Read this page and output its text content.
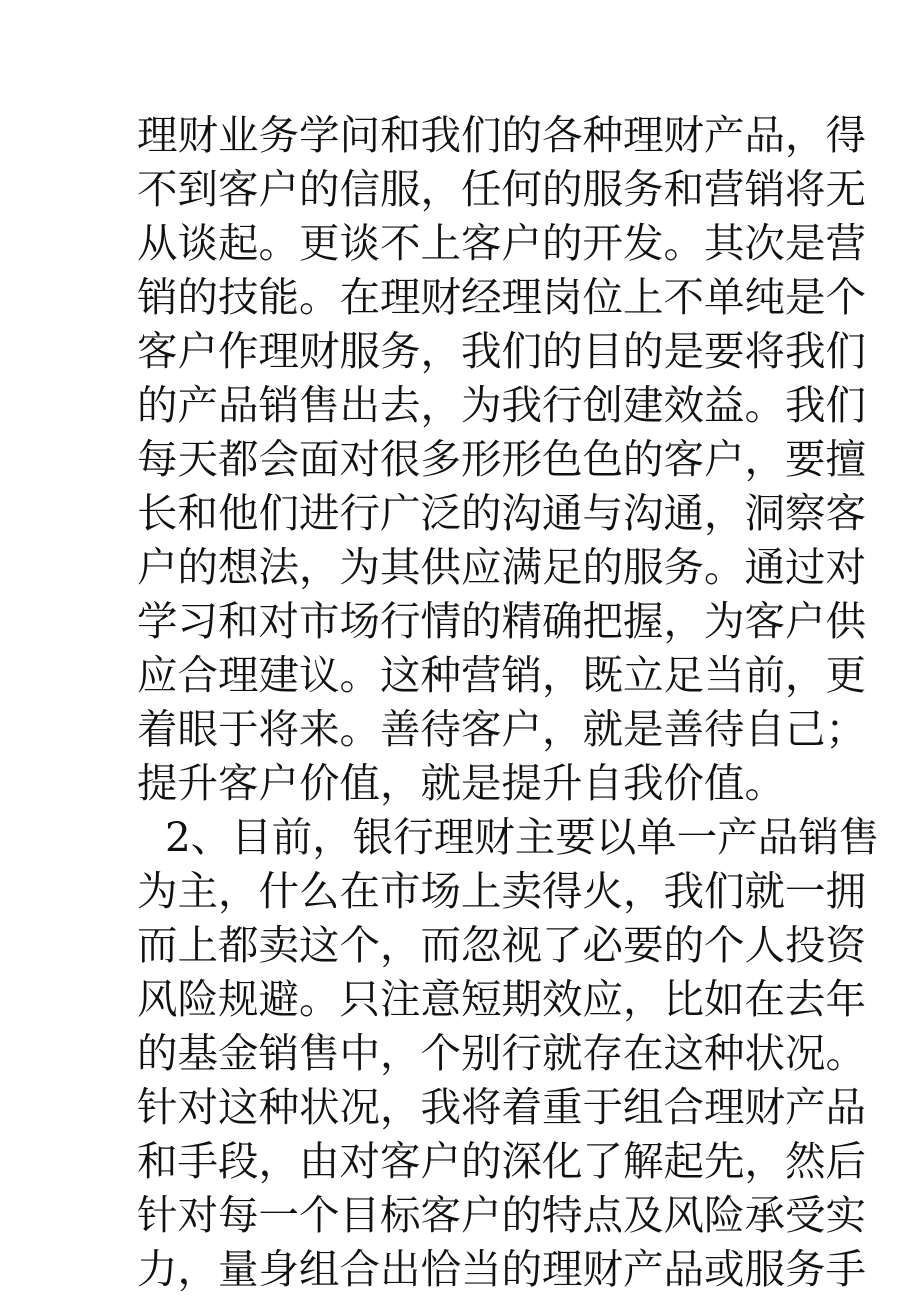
理财业务学问和我们的各种理财产品，得
不到客户的信服，任何的服务和营销将无
从谈起。更谈不上客户的开发。其次是营
销的技能。在理财经理岗位上不单纯是个
客户作理财服务，我们的目的是要将我们
的产品销售出去，为我行创建效益。我们
每天都会面对很多形形色色的客户，要擅
长和他们进行广泛的沟通与沟通，洞察客
户的想法，为其供应满足的服务。通过对
学习和对市场行情的精确把握，为客户供
应合理建议。这种营销，既立足当前，更
着眼于将来。善待客户，就是善待自己；
提升客户价值，就是提升自我价值。
2、目前，银行理财主要以单一产品销售
为主，什么在市场上卖得火，我们就一拥
而上都卖这个，而忽视了必要的个人投资
风险规避。只注意短期效应，比如在去年
的基金销售中，个别行就存在这种状况。
针对这种状况，我将着重于组合理财产品
和手段，由对客户的深化了解起先，然后
针对每一个目标客户的特点及风险承受实
力，量身组合出恰当的理财产品或服务手
